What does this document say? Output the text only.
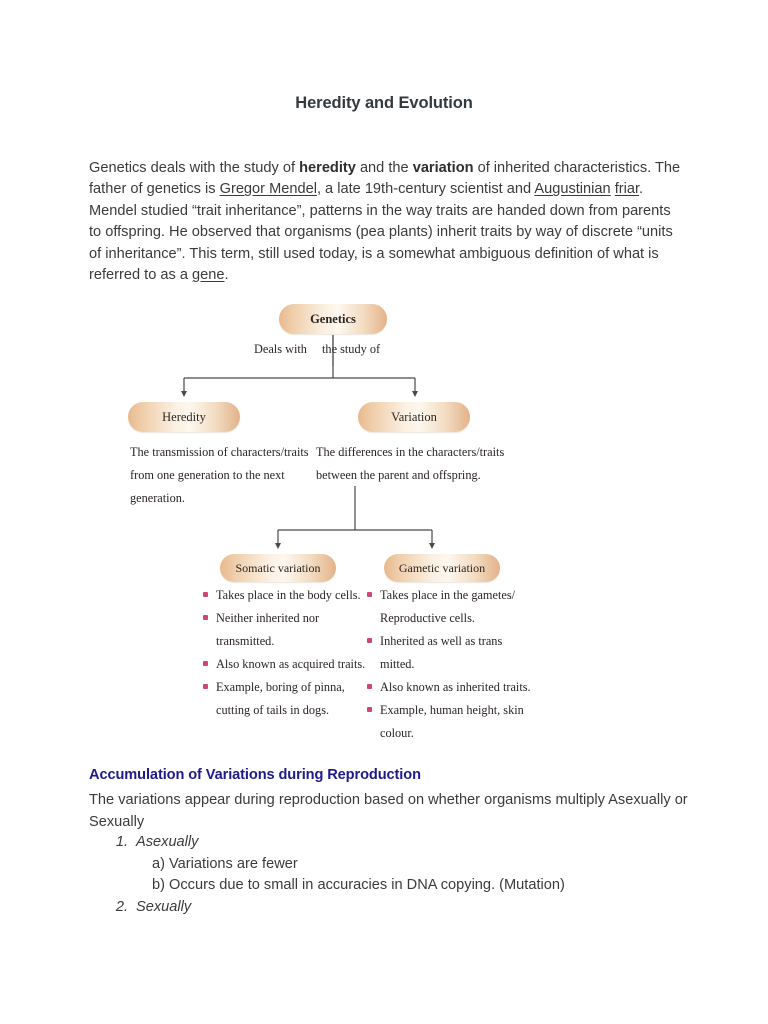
Heredity and Evolution

Genetics deals with the study of heredity and the variation of inherited characteristics. The father of genetics is Gregor Mendel, a late 19th-century scientist and Augustinian friar. Mendel studied “trait inheritance”, patterns in the way traits are handed down from parents to offspring. He observed that organisms (pea plants) inherit traits by way of discrete “units of inheritance”. This term, still used today, is a somewhat ambiguous definition of what is referred to as a gene.

Genetics
Heredity	Variation
Somatic variation	Gametic variation
Deals with the study of
The transmission of characters/traits from one generation to the next generation.
The differences in the characters/traits between the parent and offspring.
Takes place in the body cells.
Neither inherited nor transmitted.
Also known as acquired traits.
Example, boring of pinna, cutting of tails in dogs.
Takes place in the gametes/ Reproductive cells.
Inherited as well as trans mitted.
Also known as inherited traits.
Example, human height, skin colour.
Accumulation of Variations during Reproduction
The variations appear during reproduction based on whether organisms multiply Asexually or Sexually
1. Asexually
a) Variations are fewer
b) Occurs due to small in accuracies in DNA copying. (Mutation)
2. Sexually
